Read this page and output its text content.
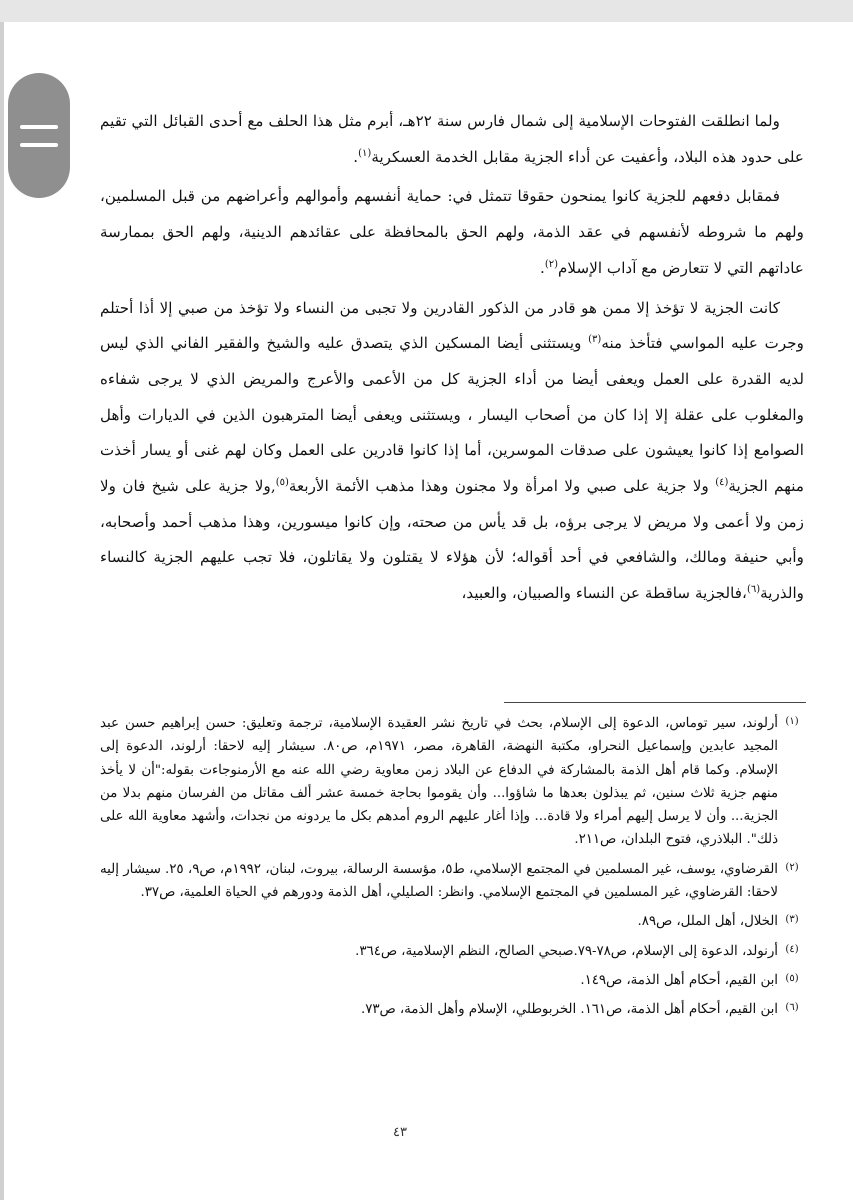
ولما انطلقت الفتوحات الإسلامية إلى شمال فارس سنة ٢٢هـ، أبرم مثل هذا الحلف مع أحدى القبائل التي تقيم على حدود هذه البلاد، وأعفيت عن أداء الجزية مقابل الخدمة العسكرية$^{(١)}$.

فمقابل دفعهم للجزية كانوا يمنحون حقوقا تتمثل في: حماية أنفسهم وأموالهم وأعراضهم من قبل المسلمين، ولهم ما شروطه لأنفسهم في عقد الذمة، ولهم الحق بالمحافظة على عقائدهم الدينية، ولهم الحق بممارسة عاداتهم التي لا تتعارض مع آداب الإسلام$^{(٢)}$.

كانت الجزية لا تؤخذ إلا ممن هو قادر من الذكور القادرين ولا تجبى من النساء ولا تؤخذ من صبي إلا أذا أحتلم وجرت عليه المواسي فتأخذ منه$^{(٣)}$ ويستثنى أيضا المسكين الذي يتصدق عليه والشيخ والفقير الفاني الذي ليس لديه القدرة على العمل ويعفى أيضا من أداء الجزية كل من الأعمى والأعرج والمريض الذي لا يرجى شفاءه والمغلوب على عقلة إلا إذا كان من أصحاب اليسار ، ويستثنى ويعفى أيضا المترهبون الذين في الديارات وأهل الصوامع إذا كانوا يعيشون على صدقات الموسرين، أما إذا كانوا قادرين على العمل وكان لهم غنى أو يسار أخذت منهم الجزية$^{(٤)}$ ولا جزية على صبي ولا امرأة ولا مجنون وهذا مذهب الأئمة الأربعة$^{(٥)}$,ولا جزية على شيخ فان ولا زمن ولا أعمى ولا مريض لا يرجى برؤه، بل قد يأس من صحته، وإن كانوا ميسورين، وهذا مذهب أحمد وأصحابه، وأبي حنيفة ومالك، والشافعي في أحد أقواله؛ لأن هؤلاء لا يقتلون ولا يقاتلون، فلا تجب عليهم الجزية كالنساء والذرية$^{(٦)}$،فالجزية ساقطة عن النساء والصبيان، والعبيد،

(١)
أرلوند، سير توماس، الدعوة إلى الإسلام، بحث في تاريخ نشر العقيدة الإسلامية، ترجمة وتعليق: حسن إبراهيم حسن عبد المجيد عابدين وإسماعيل النحراو، مكتبة النهضة، القاهرة، مصر، ١٩٧١م، ص٨٠. سيشار إليه لاحقا: أرلوند، الدعوة إلى الإسلام. وكما قام أهل الذمة بالمشاركة في الدفاع عن البلاد زمن معاوية رضي الله عنه مع الأرمنوجاءت بقوله:"أن لا يأخذ منهم جزية ثلاث سنين، ثم يبذلون بعدها ما شاؤوا... وأن يقوموا بحاجة خمسة عشر ألف مقاتل من الفرسان منهم بدلا من الجزية... وأن لا يرسل إليهم أمراء ولا قادة... وإذا أغار عليهم الروم أمدهم بكل ما يردونه من نجدات، وأشهد معاوية الله على ذلك". البلاذري، فتوح البلدان، ص٢١١.
(٢)
القرضاوي، يوسف، غير المسلمين في المجتمع الإسلامي، ط٥، مؤسسة الرسالة، بيروت، لبنان، ١٩٩٢م، ص٩، ٢٥. سيشار إليه لاحقا: القرضاوي، غير المسلمين في المجتمع الإسلامي. وانظر: الصليلي، أهل الذمة ودورهم في الحياة العلمية، ص٣٧.
(٣)
الخلال، أهل الملل، ص٨٩.
(٤)
أرنولد، الدعوة إلى الإسلام، ص٧٨-٧٩.صبحي الصالح، النظم الإسلامية، ص٣٦٤.
(٥)
ابن القيم، أحكام أهل الذمة، ص١٤٩.
(٦)
ابن القيم، أحكام أهل الذمة، ص١٦١. الخربوطلي، الإسلام وأهل الذمة، ص٧٣.
٤٣
